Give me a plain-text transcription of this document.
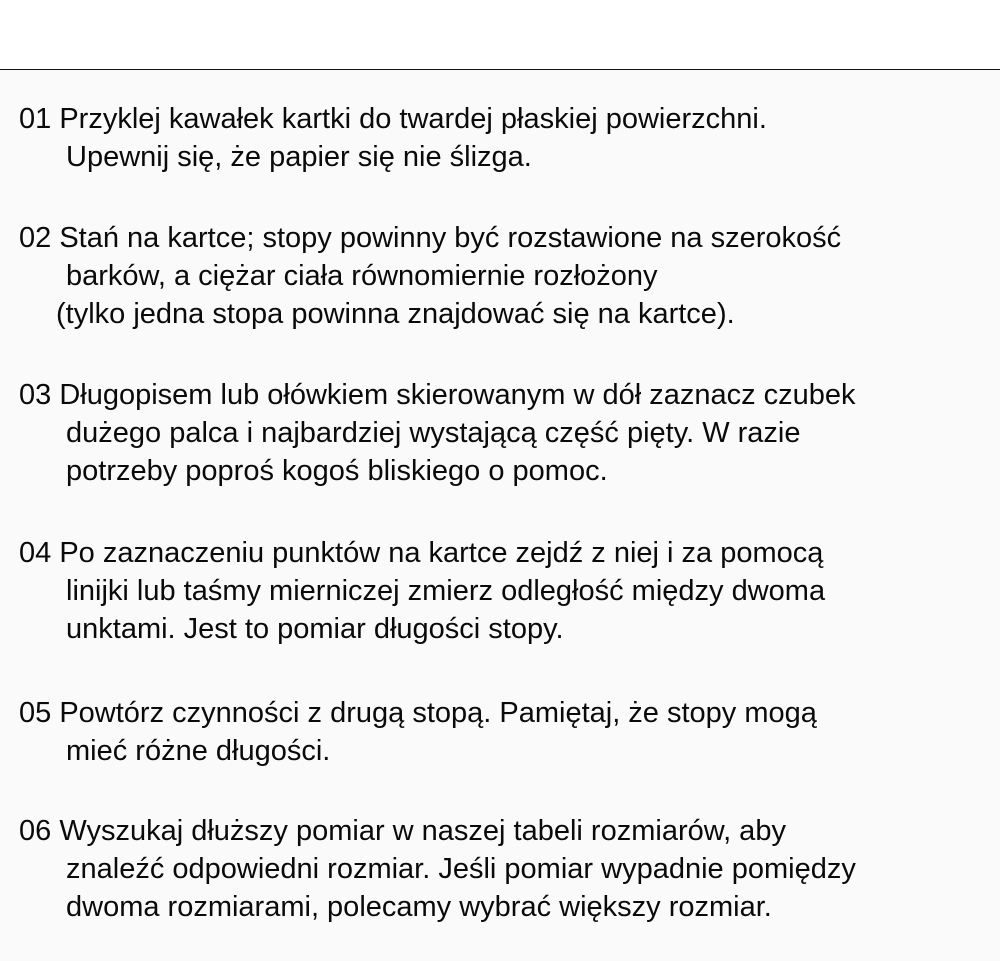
01 Przyklej kawałek kartki do twardej płaskiej powierzchni.
Upewnij się, że papier się nie ślizga.
02 Stań na kartce; stopy powinny być rozstawione na szerokość
barków, a ciężar ciała równomiernie rozłożony
(tylko jedna stopa powinna znajdować się na kartce).
03 Długopisem lub ołówkiem skierowanym w dół zaznacz czubek
dużego palca i najbardziej wystającą część pięty. W razie
potrzeby poproś kogoś bliskiego o pomoc.
04 Po zaznaczeniu punktów na kartce zejdź z niej i za pomocą
linijki lub taśmy mierniczej zmierz odległość między dwoma
unktami. Jest to pomiar długości stopy.
05 Powtórz czynności z drugą stopą. Pamiętaj, że stopy mogą
mieć różne długości.
06 Wyszukaj dłuższy pomiar w naszej tabeli rozmiarów, aby
znaleźć odpowiedni rozmiar. Jeśli pomiar wypadnie pomiędzy
dwoma rozmiarami, polecamy wybrać większy rozmiar.
